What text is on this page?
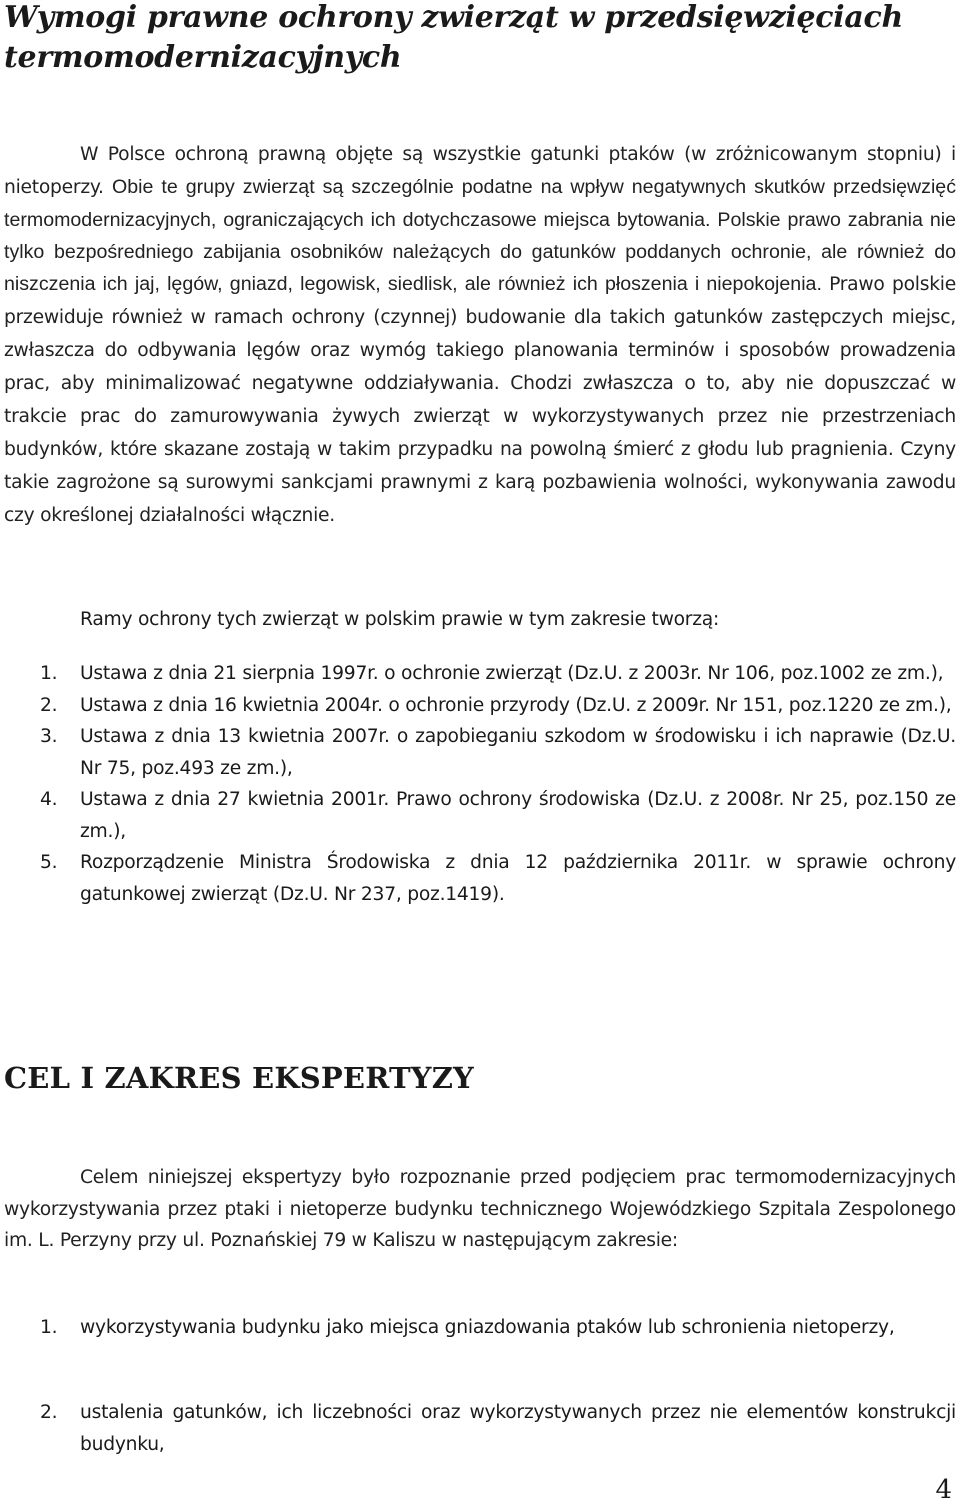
Wymogi prawne ochrony zwierząt w przedsięwzięciach termomodernizacyjnych

W Polsce ochroną prawną objęte są wszystkie gatunki ptaków (w zróżnicowanym stopniu) i nietoperzy. Obie te grupy zwierząt są szczególnie podatne na wpływ negatywnych skutków przedsięwzięć termomodernizacyjnych, ograniczających ich dotychczasowe miejsca bytowania. Polskie prawo zabrania nie tylko bezpośredniego zabijania osobników należących do gatunków poddanych ochronie, ale również do niszczenia ich jaj, lęgów, gniazd, legowisk, siedlisk, ale również ich płoszenia i niepokojenia. Prawo polskie przewiduje również w ramach ochrony (czynnej) budowanie dla takich gatunków zastępczych miejsc, zwłaszcza do odbywania lęgów oraz wymóg takiego planowania terminów i sposobów prowadzenia prac, aby minimalizować negatywne oddziaływania. Chodzi zwłaszcza o to, aby nie dopuszczać w trakcie prac do zamurowywania żywych zwierząt w wykorzystywanych przez nie przestrzeniach budynków, które skazane zostają w takim przypadku na powolną śmierć z głodu lub pragnienia. Czyny takie zagrożone są surowymi sankcjami prawnymi z karą pozbawienia wolności, wykonywania zawodu czy określonej działalności włącznie.

Ramy ochrony tych zwierząt w polskim prawie w tym zakresie tworzą:

1. Ustawa z dnia 21 sierpnia 1997r. o ochronie zwierząt (Dz.U. z 2003r. Nr 106, poz.1002 ze zm.),
2. Ustawa z dnia 16 kwietnia 2004r. o ochronie przyrody (Dz.U. z 2009r. Nr 151, poz.1220 ze zm.),
3. Ustawa z dnia 13 kwietnia 2007r. o zapobieganiu szkodom w środowisku i ich naprawie (Dz.U. Nr 75, poz.493 ze zm.),
4. Ustawa z dnia 27 kwietnia 2001r. Prawo ochrony środowiska (Dz.U. z 2008r. Nr 25, poz.150 ze zm.),
5. Rozporządzenie Ministra Środowiska z dnia 12 października 2011r. w sprawie ochrony gatunkowej zwierząt (Dz.U. Nr 237, poz.1419).
CEL I ZAKRES EKSPERTYZY

Celem niniejszej ekspertyzy było rozpoznanie przed podjęciem prac termomodernizacyjnych wykorzystywania przez ptaki i nietoperze budynku technicznego Wojewódzkiego Szpitala Zespolonego im. L. Perzyny przy ul. Poznańskiej 79 w Kaliszu w następującym zakresie:

1. wykorzystywania budynku jako miejsca gniazdowania ptaków lub schronienia nietoperzy,
2. ustalenia gatunków, ich liczebności oraz wykorzystywanych przez nie elementów konstrukcji budynku,
4
